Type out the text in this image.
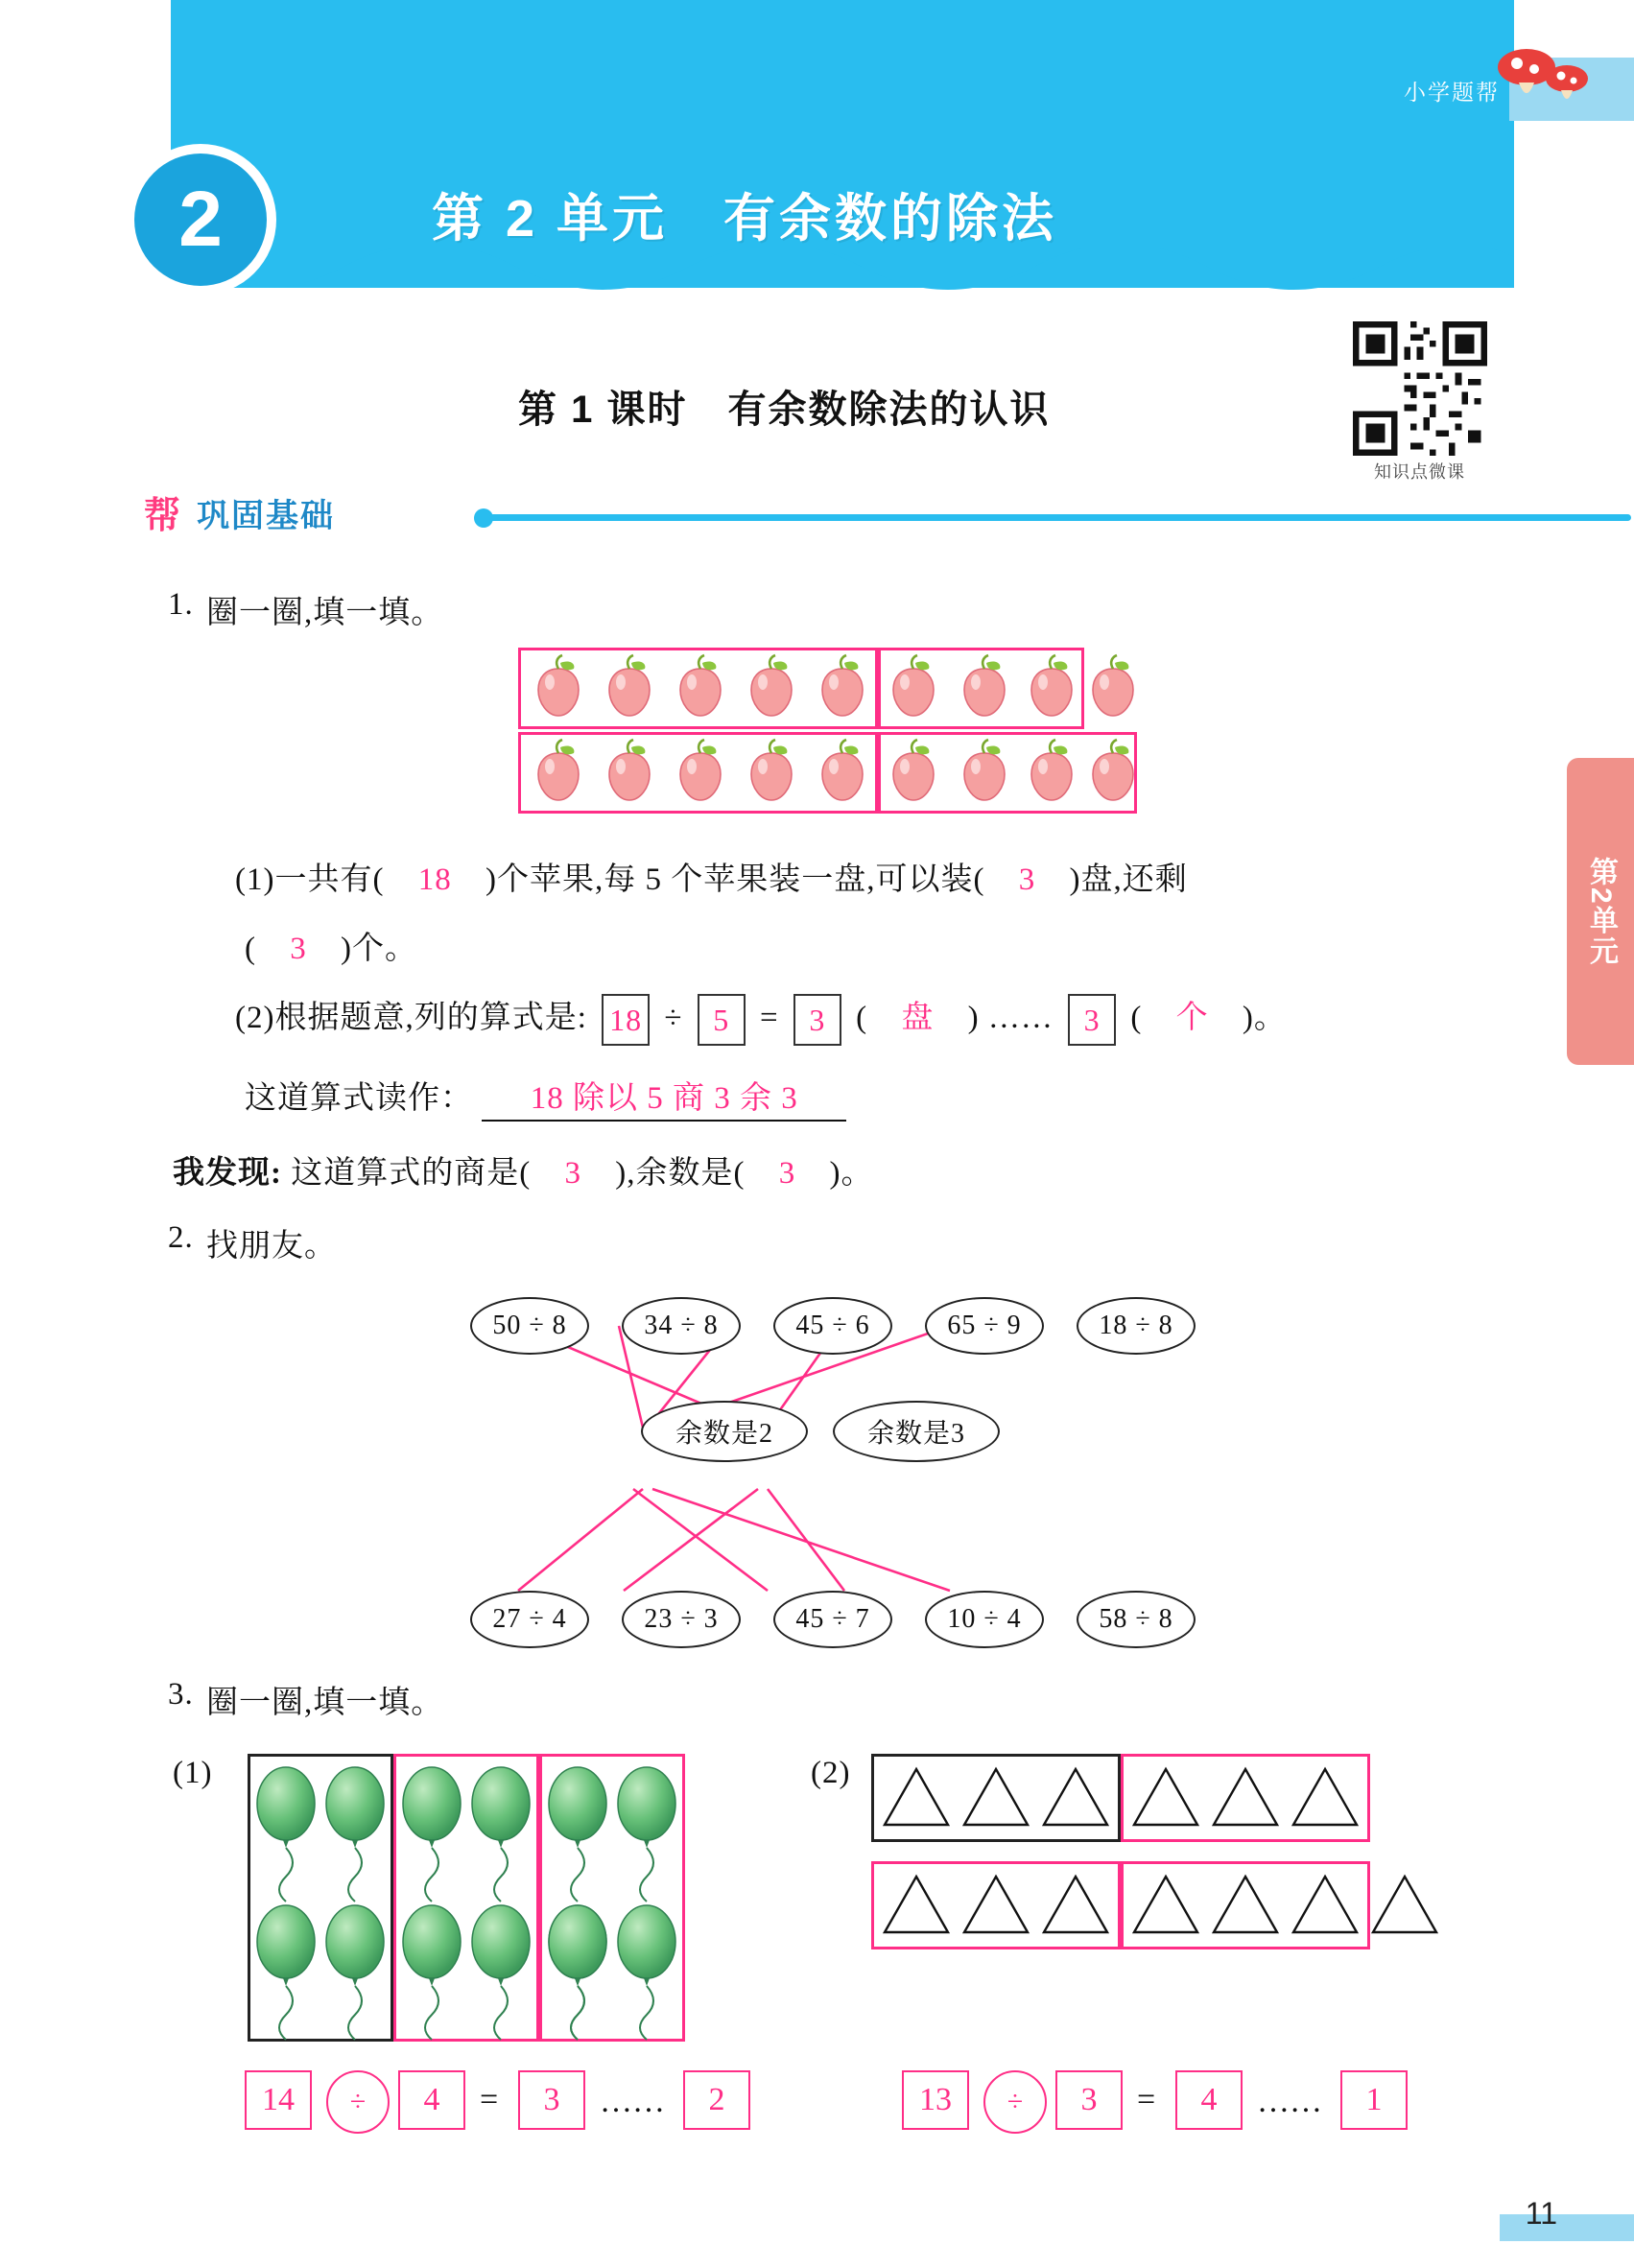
小学题帮
2	第 2 单元　有余数的除法
第 1 课时　有余数除法的认识
知识点微课
帮 巩固基础
第2单元
1. 圈一圈,填一填。
(1)一共有( 18 )个苹果,每 5 个苹果装一盘,可以装( 3 )盘,还剩
( 3 )个。
(2)根据题意,列的算式是: 18 ÷ 5 = 3 ( 盘 ) …… 3 ( 个 )。
这道算式读作： 18 除以 5 商 3 余 3
我发现: 这道算式的商是( 3 ),余数是( 3 )。
2. 找朋友。
50 ÷ 8	34 ÷ 8	45 ÷ 6	65 ÷ 9	18 ÷ 8
余数是2	余数是3
27 ÷ 4	23 ÷ 3	45 ÷ 7	10 ÷ 4	58 ÷ 8
3. 圈一圈,填一填。
(1)	(2)
14	÷	4	=	3	……	2	13	÷	3	=	4	……	1
11
